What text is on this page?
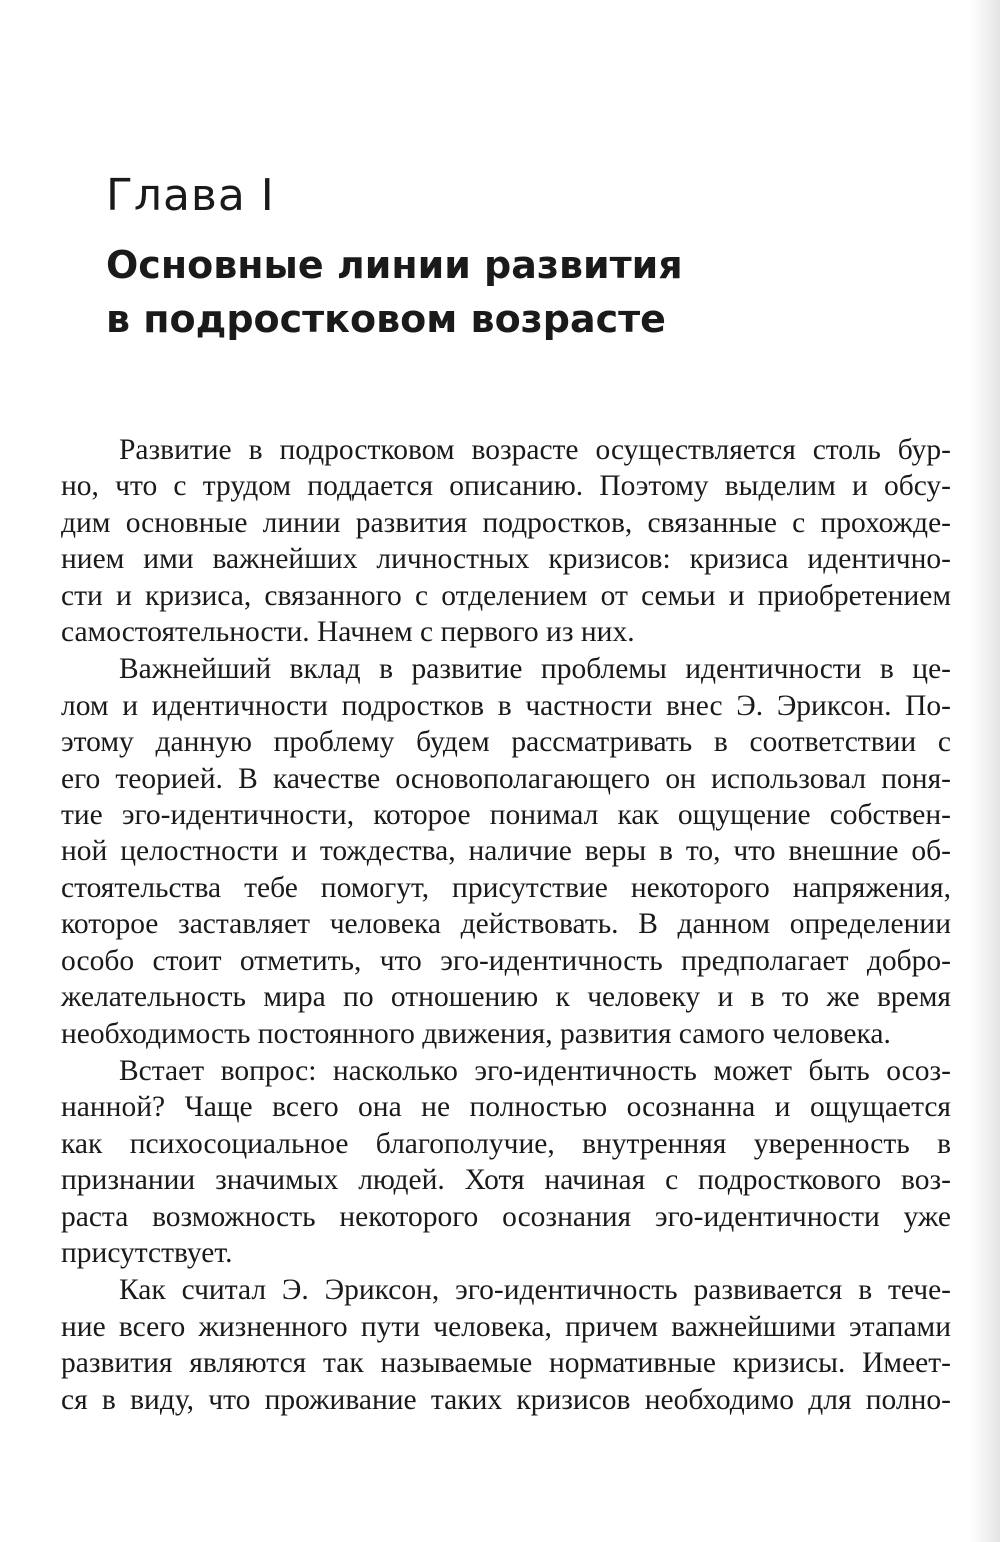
Глава I
Основные линии развития
в подростковом возрасте

Развитие в подростковом возрасте осуществляется столь бур-
но, что с трудом поддается описанию. Поэтому выделим и обсу-
дим основные линии развития подростков, связанные с прохожде-
нием ими важнейших личностных кризисов: кризиса идентично-
сти и кризиса, связанного с отделением от семьи и приобретением
самостоятельности. Начнем с первого из них.

Важнейший вклад в развитие проблемы идентичности в це-
лом и идентичности подростков в частности внес Э. Эриксон. По-
этому данную проблему будем рассматривать в соответствии с
его теорией. В качестве основополагающего он использовал поня-
тие эго-идентичности, которое понимал как ощущение собствен-
ной целостности и тождества, наличие веры в то, что внешние об-
стоятельства тебе помогут, присутствие некоторого напряжения,
которое заставляет человека действовать. В данном определении
особо стоит отметить, что эго-идентичность предполагает добро-
желательность мира по отношению к человеку и в то же время
необходимость постоянного движения, развития самого человека.

Встает вопрос: насколько эго-идентичность может быть осоз-
нанной? Чаще всего она не полностью осознанна и ощущается
как психосоциальное благополучие, внутренняя уверенность в
признании значимых людей. Хотя начиная с подросткового воз-
раста возможность некоторого осознания эго-идентичности уже
присутствует.

Как считал Э. Эриксон, эго-идентичность развивается в тече-
ние всего жизненного пути человека, причем важнейшими этапами
развития являются так называемые нормативные кризисы. Имеет-
ся в виду, что проживание таких кризисов необходимо для полно-
